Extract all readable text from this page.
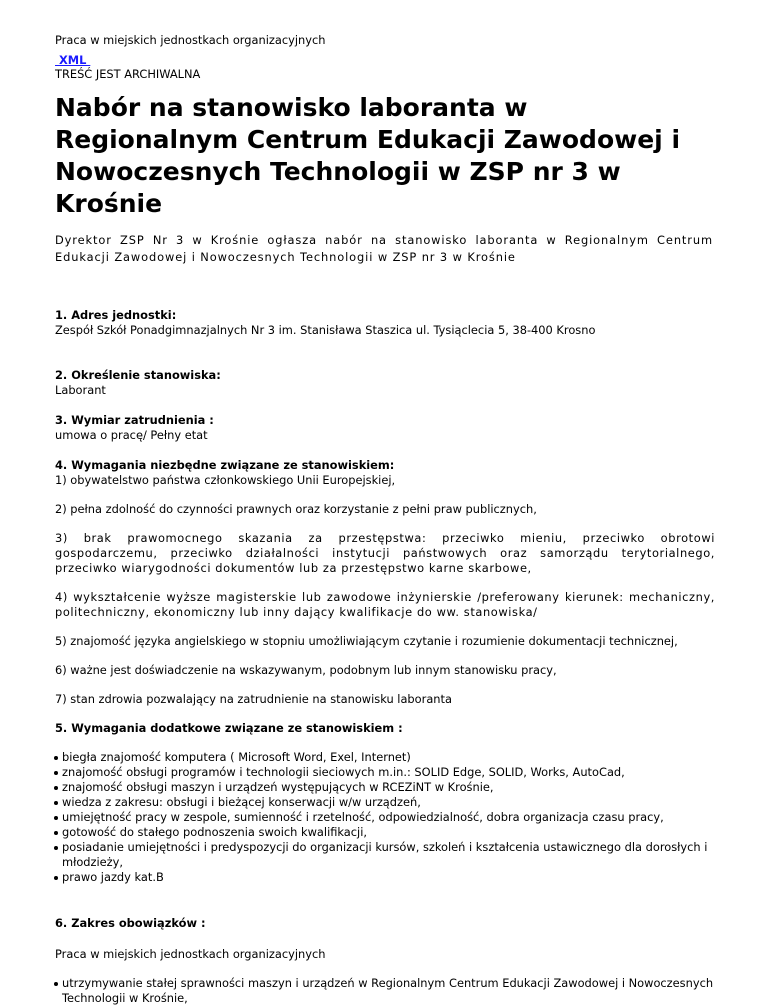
Praca w miejskich jednostkach organizacyjnych
XML
TREŚĆ JEST ARCHIWALNA
Nabór na stanowisko laboranta w Regionalnym Centrum Edukacji Zawodowej i Nowoczesnych Technologii w ZSP nr 3 w Krośnie

Dyrektor ZSP Nr 3 w Krośnie ogłasza nabór na stanowisko laboranta w Regionalnym Centrum Edukacji Zawodowej i Nowoczesnych Technologii w ZSP nr 3 w Krośnie

1. Adres jednostki:

Zespół Szkół Ponadgimnazjalnych Nr 3 im. Stanisława Staszica ul. Tysiąclecia 5, 38-400 Krosno

2. Określenie stanowiska:

Laborant

3. Wymiar zatrudnienia :

umowa o pracę/ Pełny etat

4. Wymagania niezbędne związane ze stanowiskiem:

1) obywatelstwo państwa członkowskiego Unii Europejskiej,

2) pełna zdolność do czynności prawnych oraz korzystanie z pełni praw publicznych,

3) brak prawomocnego skazania za przestępstwa: przeciwko mieniu, przeciwko obrotowi gospodarczemu, przeciwko działalności instytucji państwowych oraz samorządu terytorialnego, przeciwko wiarygodności dokumentów lub za przestępstwo karne skarbowe,

4) wykształcenie wyższe magisterskie lub zawodowe inżynierskie /preferowany kierunek: mechaniczny, politechniczny, ekonomiczny lub inny dający kwalifikacje do ww. stanowiska/

5) znajomość języka angielskiego w stopniu umożliwiającym czytanie i rozumienie dokumentacji technicznej,

6) ważne jest doświadczenie na wskazywanym, podobnym lub innym stanowisku pracy,

7) stan zdrowia pozwalający na zatrudnienie na stanowisku laboranta

5. Wymagania dodatkowe związane ze stanowiskiem :

biegła znajomość komputera ( Microsoft Word, Exel, Internet)
znajomość obsługi programów i technologii sieciowych m.in.: SOLID Edge, SOLID, Works, AutoCad,
znajomość obsługi maszyn i urządzeń występujących w RCEZiNT w Krośnie,
wiedza z zakresu: obsługi i bieżącej konserwacji w/w urządzeń,
umiejętność pracy w zespole, sumienność i rzetelność, odpowiedzialność, dobra organizacja czasu pracy,
gotowość do stałego podnoszenia swoich kwalifikacji,
posiadanie umiejętności i predyspozycji do organizacji kursów, szkoleń i kształcenia ustawicznego dla dorosłych i młodzieży,
prawo jazdy kat.B

6. Zakres obowiązków :

utrzymywanie stałej sprawności maszyn i urządzeń w Regionalnym Centrum Edukacji Zawodowej i Nowoczesnych Technologii w Krośnie,
Praca w miejskich jednostkach organizacyjnych
